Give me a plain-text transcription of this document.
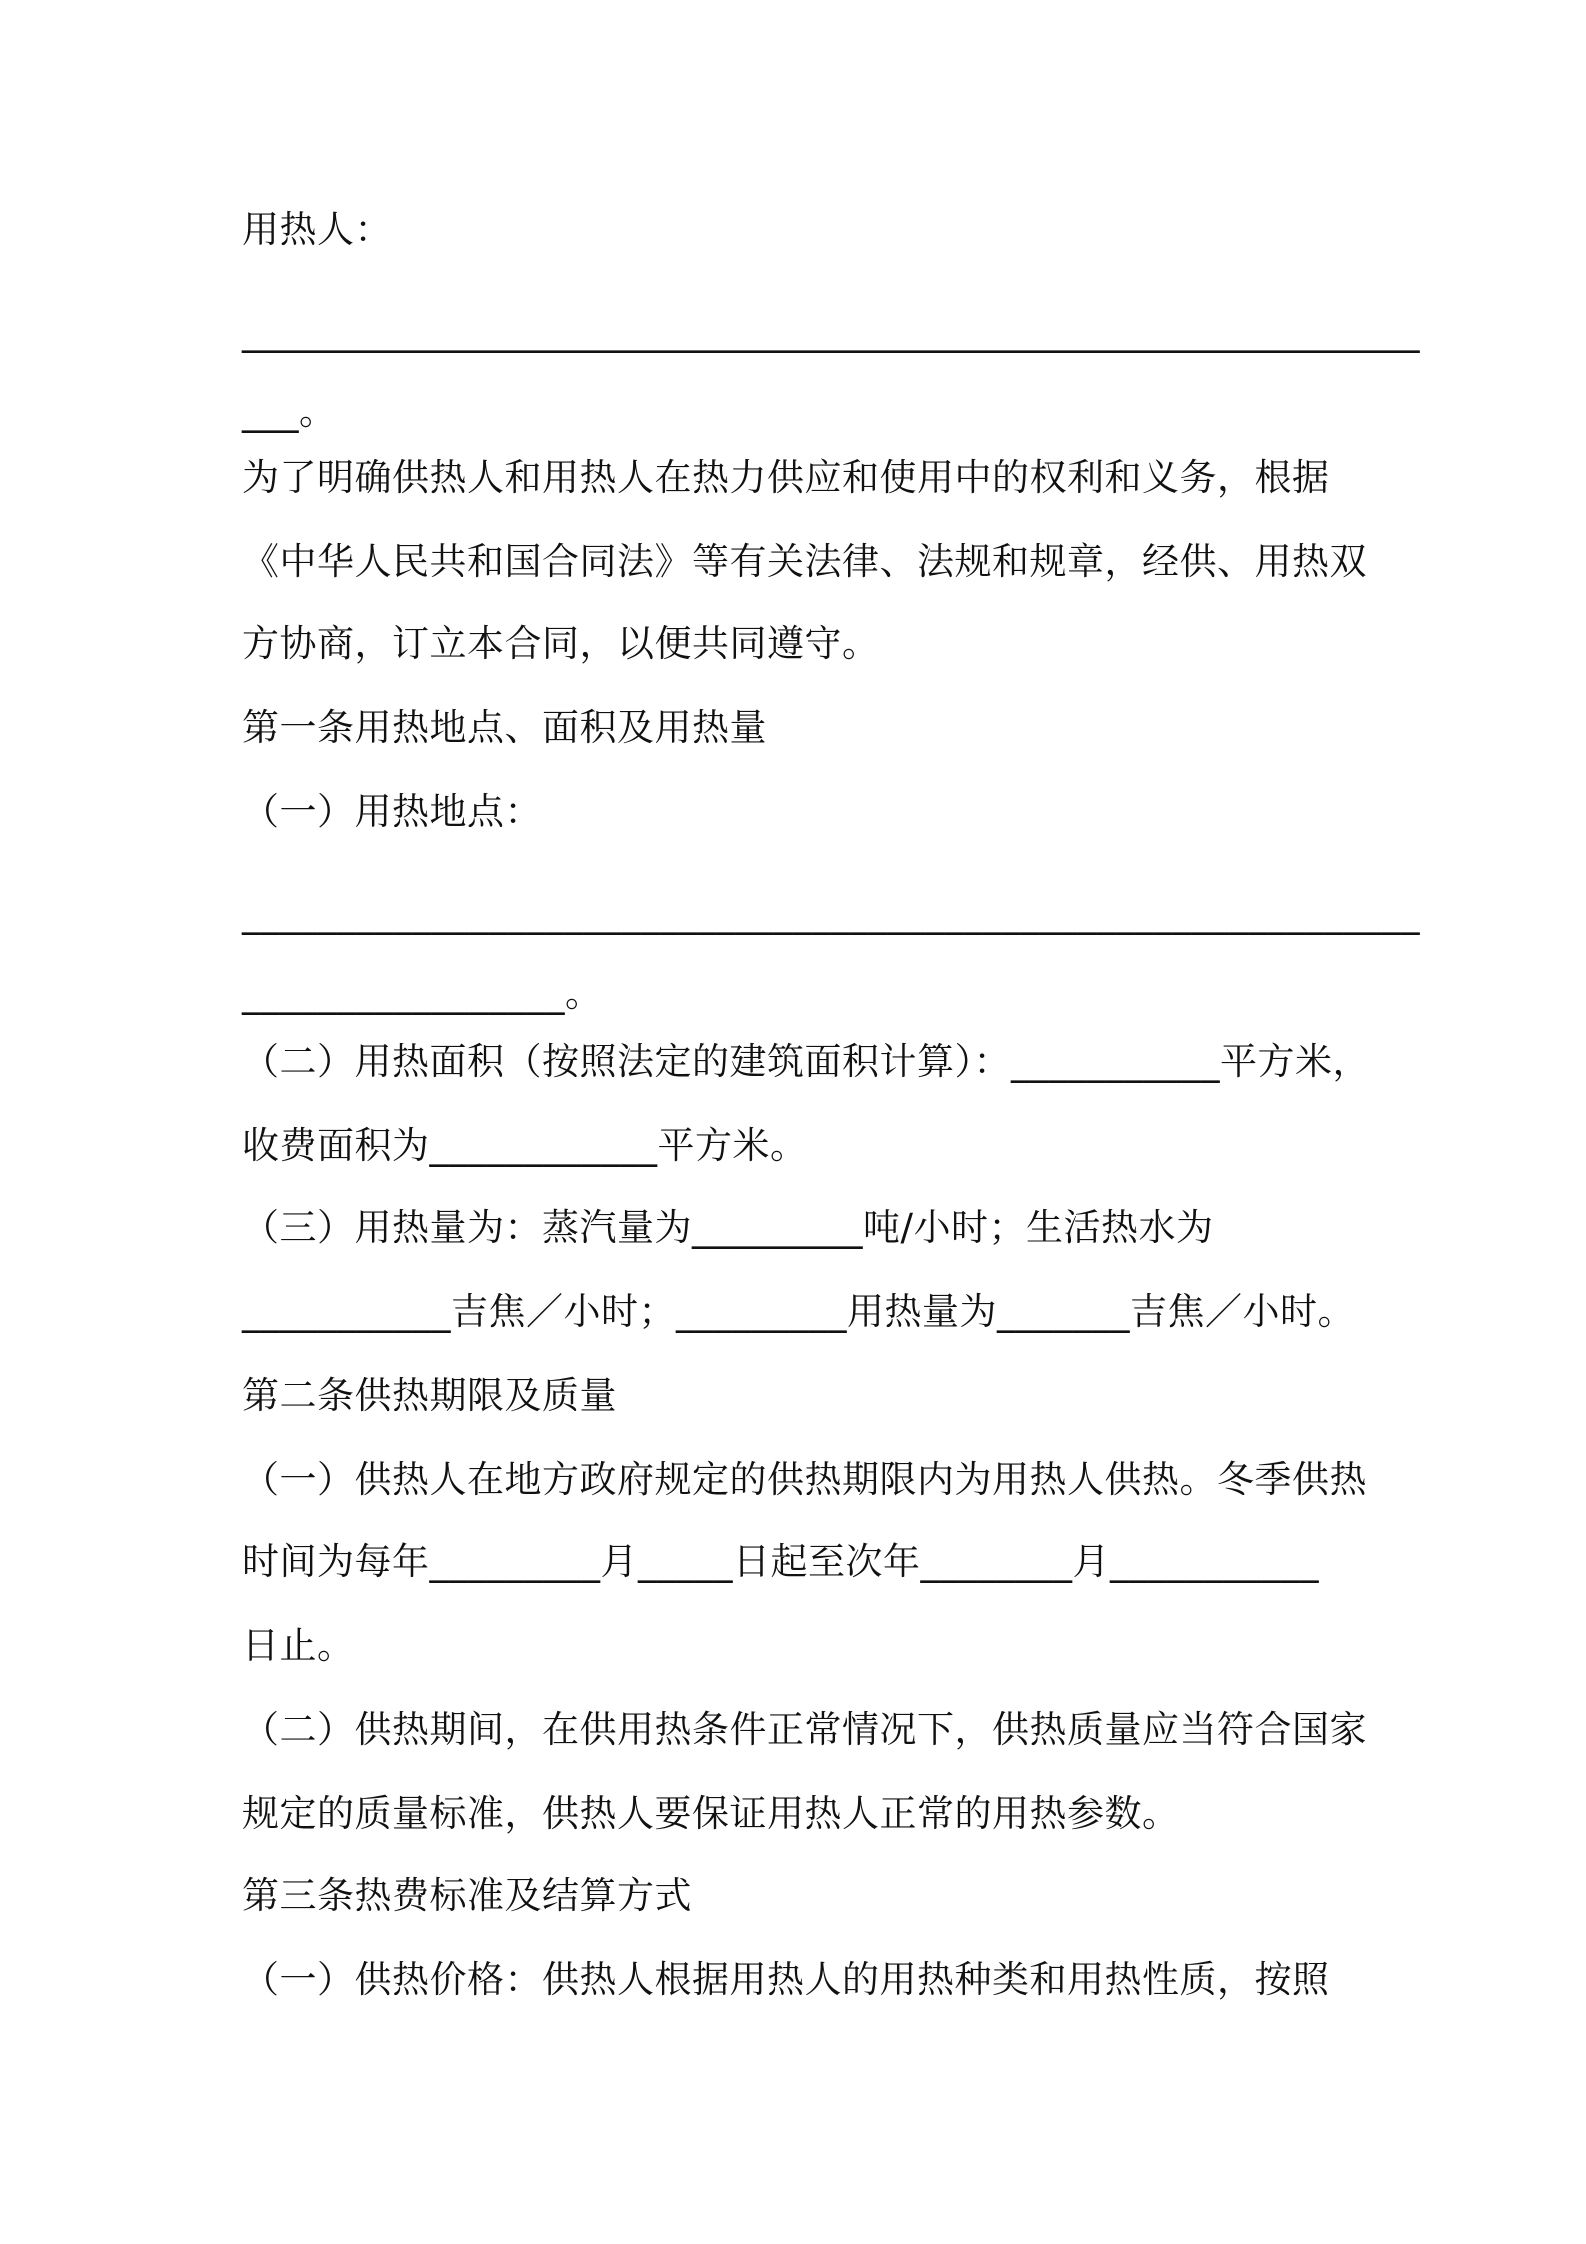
用热人：
______________________________________________________________
___。
为了明确供热人和用热人在热力供应和使用中的权利和义务，根据
《中华人民共和国合同法》等有关法律、法规和规章，经供、用热双
方协商，订立本合同，以便共同遵守。
第一条用热地点、面积及用热量
（一）用热地点：
______________________________________________________________
_________________。
（二）用热面积（按照法定的建筑面积计算）：___________平方米，
收费面积为____________平方米。
（三）用热量为：蒸汽量为_________吨/小时；生活热水为
___________吉焦／小时；_________用热量为_______吉焦／小时。
第二条供热期限及质量
（一）供热人在地方政府规定的供热期限内为用热人供热。冬季供热
时间为每年_________月_____日起至次年________月___________
日止。
（二）供热期间，在供用热条件正常情况下，供热质量应当符合国家
规定的质量标准，供热人要保证用热人正常的用热参数。
第三条热费标准及结算方式
（一）供热价格：供热人根据用热人的用热种类和用热性质，按照
